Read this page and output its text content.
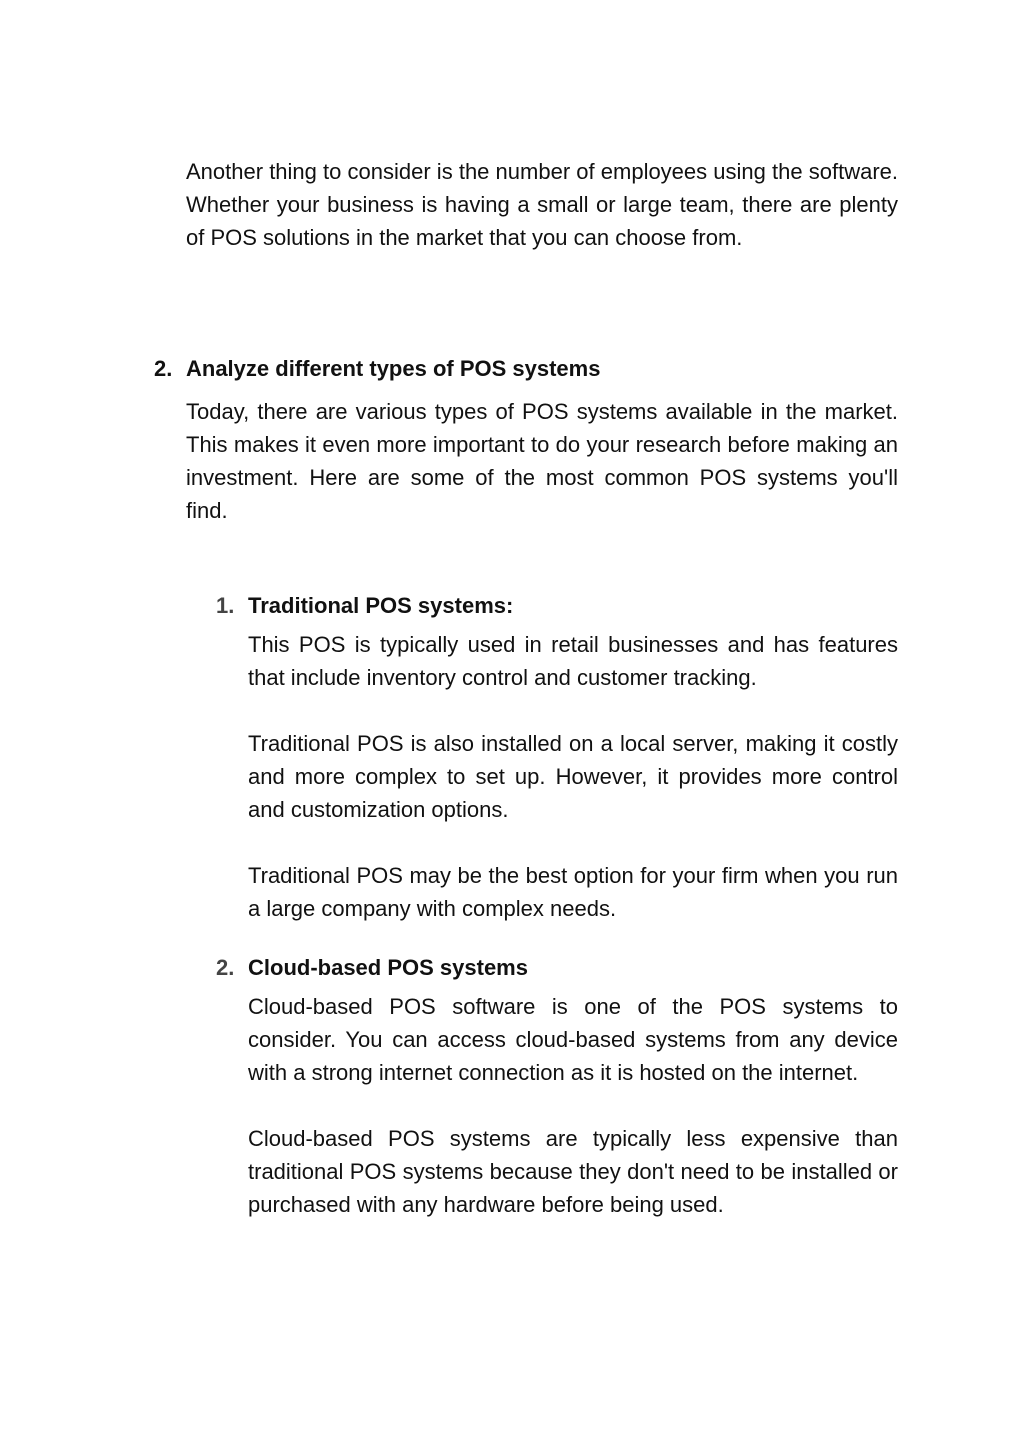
Another thing to consider is the number of employees using the software. Whether your business is having a small or large team, there are plenty of POS solutions in the market that you can choose from.

2. Analyze different types of POS systems

Today, there are various types of POS systems available in the market. This makes it even more important to do your research before making an investment. Here are some of the most common POS systems you'll find.

1. Traditional POS systems:

This POS is typically used in retail businesses and has features that include inventory control and customer tracking.

Traditional POS is also installed on a local server, making it costly and more complex to set up. However, it provides more control and customization options.

Traditional POS may be the best option for your firm when you run a large company with complex needs.

2. Cloud-based POS systems

Cloud-based POS software is one of the POS systems to consider. You can access cloud-based systems from any device with a strong internet connection as it is hosted on the internet.

Cloud-based POS systems are typically less expensive than traditional POS systems because they don't need to be installed or purchased with any hardware before being used.
